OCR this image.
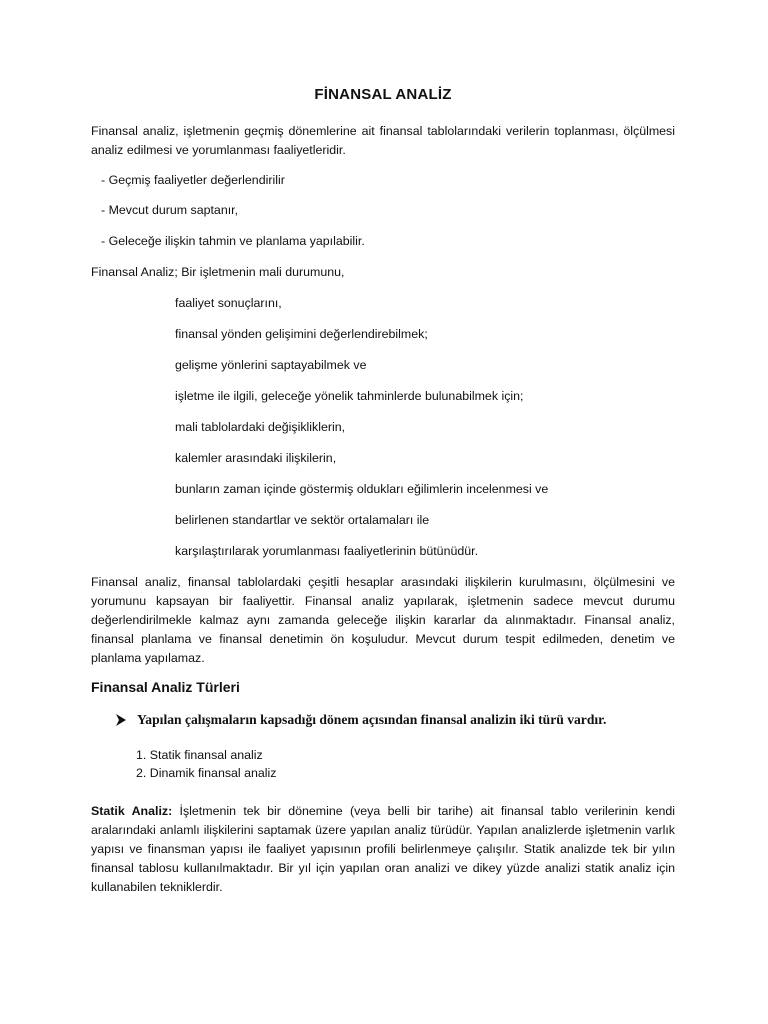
FİNANSAL ANALİZ

Finansal analiz, işletmenin geçmiş dönemlerine ait finansal tablolarındaki verilerin toplanması, ölçülmesi analiz edilmesi ve yorumlanması faaliyetleridir.

- Geçmiş faaliyetler değerlendirilir
- Mevcut durum saptanır,
- Geleceğe ilişkin tahmin ve planlama yapılabilir.
Finansal Analiz; Bir işletmenin mali durumunu,
faaliyet sonuçlarını,
finansal yönden gelişimini değerlendirebilmek;
gelişme yönlerini saptayabilmek ve
işletme ile ilgili, geleceğe yönelik tahminlerde bulunabilmek için;
mali tablolardaki değişikliklerin,
kalemler arasındaki ilişkilerin,
bunların zaman içinde göstermiş oldukları eğilimlerin incelenmesi ve
belirlenen standartlar ve sektör ortalamaları ile
karşılaştırılarak yorumlanması faaliyetlerinin bütünüdür.

Finansal analiz, finansal tablolardaki çeşitli hesaplar arasındaki ilişkilerin kurulmasını, ölçülmesini ve yorumunu kapsayan bir faaliyettir. Finansal analiz yapılarak, işletmenin sadece mevcut durumu değerlendirilmekle kalmaz aynı zamanda geleceğe ilişkin kararlar da alınmaktadır. Finansal analiz, finansal planlama ve finansal denetimin ön koşuludur. Mevcut durum tespit edilmeden, denetim ve planlama yapılamaz.

Finansal Analiz Türleri
Yapılan çalışmaların kapsadığı dönem açısından finansal analizin iki türü vardır.
1. Statik finansal analiz
2. Dinamik finansal analiz

Statik Analiz: İşletmenin tek bir dönemine (veya belli bir tarihe) ait finansal tablo verilerinin kendi aralarındaki anlamlı ilişkilerini saptamak üzere yapılan analiz türüdür. Yapılan analizlerde işletmenin varlık yapısı ve finansman yapısı ile faaliyet yapısının profili belirlenmeye çalışılır. Statik analizde tek bir yılın finansal tablosu kullanılmaktadır. Bir yıl için yapılan oran analizi ve dikey yüzde analizi statik analiz için kullanabilen tekniklerdir.
